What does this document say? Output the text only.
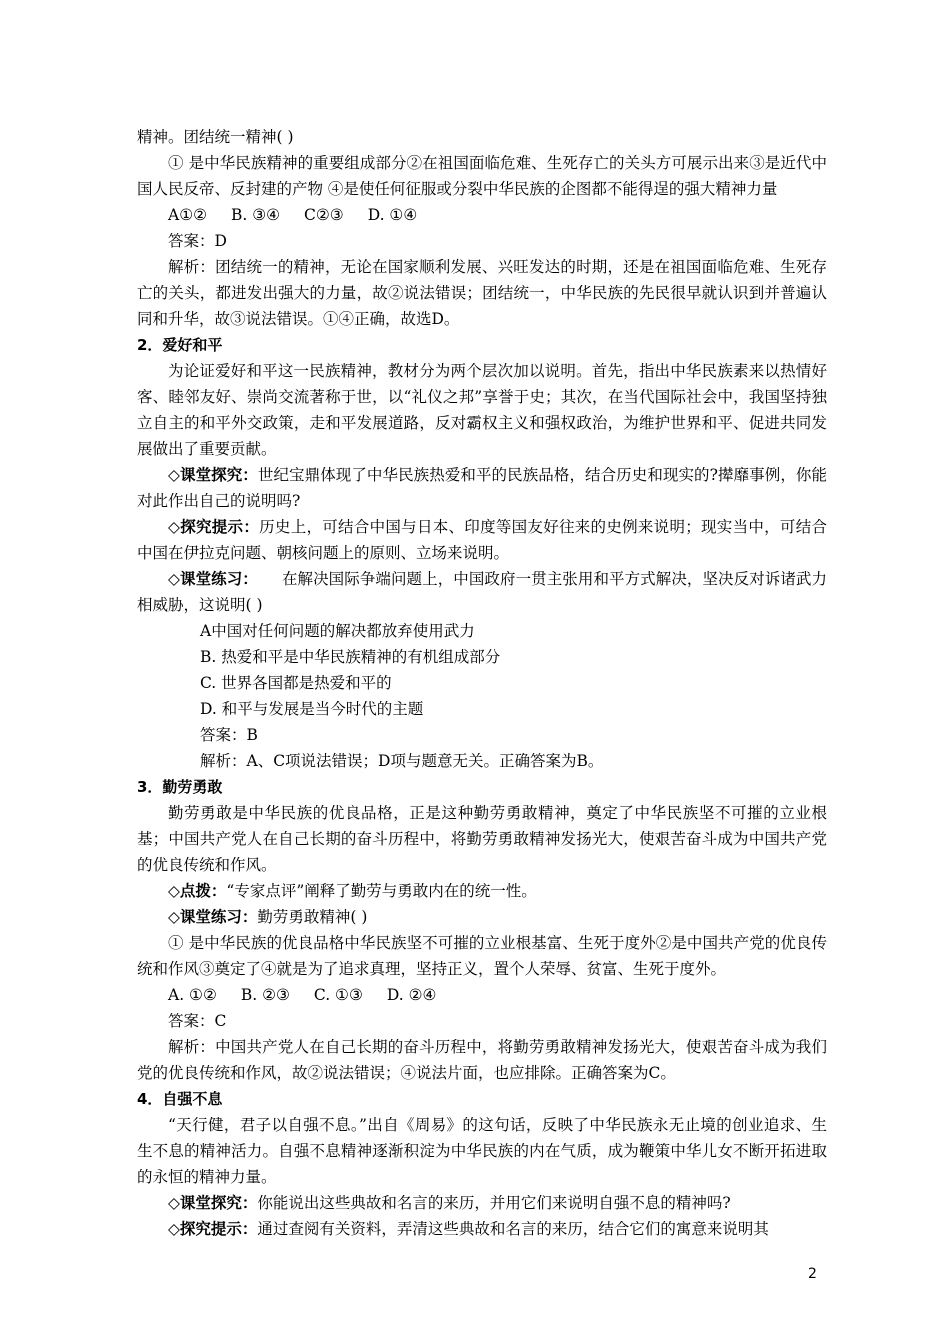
精神。团结统一精神( )

① 是中华民族精神的重要组成部分②在祖国面临危难、生死存亡的关头方可展示出来③是近代中国人民反帝、反封建的产物 ④是使任何征服或分裂中华民族的企图都不能得逞的强大精神力量

A①② B. ③④ C②③ D. ①④

答案：D

解析：团结统一的精神，无论在国家顺利发展、兴旺发达的时期，还是在祖国面临危难、生死存亡的关头，都进发出强大的力量，故②说法错误；团结统一，中华民族的先民很早就认识到并普遍认同和升华，故③说法错误。①④正确，故选D。

2．爱好和平

为论证爱好和平这一民族精神，教材分为两个层次加以说明。首先，指出中华民族素来以热情好客、睦邻友好、崇尚交流著称于世，以“礼仪之邦”享誉于史；其次，在当代国际社会中，我国坚持独立自主的和平外交政策，走和平发展道路，反对霸权主义和强权政治，为维护世界和平、促进共同发展做出了重要贡献。

◇课堂探究：世纪宝鼎体现了中华民族热爱和平的民族品格，结合历史和现实的?撵靡事例，你能对此作出自己的说明吗?

◇探究提示：历史上，可结合中国与日本、印度等国友好往来的史例来说明；现实当中，可结合中国在伊拉克问题、朝核问题上的原则、立场来说明。

◇课堂练习： 在解决国际争端问题上，中国政府一贯主张用和平方式解决，坚决反对诉诸武力相威胁，这说明( )

A中国对任何问题的解决都放弃使用武力

B. 热爱和平是中华民族精神的有机组成部分

C. 世界各国都是热爱和平的

D. 和平与发展是当今时代的主题

答案：B

解析：A、C项说法错误；D项与题意无关。正确答案为B。

3．勤劳勇敢

勤劳勇敢是中华民族的优良品格，正是这种勤劳勇敢精神，奠定了中华民族坚不可摧的立业根基；中国共产党人在自己长期的奋斗历程中，将勤劳勇敢精神发扬光大，使艰苦奋斗成为中国共产党的优良传统和作风。

◇点拨：“专家点评”阐释了勤劳与勇敢内在的统一性。

◇课堂练习：勤劳勇敢精神( )

① 是中华民族的优良品格中华民族坚不可摧的立业根基富、生死于度外②是中国共产党的优良传统和作风③奠定了④就是为了追求真理，坚持正义，置个人荣辱、贫富、生死于度外。

A. ①② B. ②③ C. ①③ D. ②④

答案：C

解析：中国共产党人在自己长期的奋斗历程中，将勤劳勇敢精神发扬光大，使艰苦奋斗成为我们党的优良传统和作风，故②说法错误；④说法片面，也应排除。正确答案为C。

4．自强不息

“天行健，君子以自强不息。”出自《周易》的这句话，反映了中华民族永无止境的创业追求、生生不息的精神活力。自强不息精神逐渐积淀为中华民族的内在气质，成为鞭策中华儿女不断开拓进取的永恒的精神力量。

◇课堂探究：你能说出这些典故和名言的来历，并用它们来说明自强不息的精神吗?

◇探究提示：通过查阅有关资料，弄清这些典故和名言的来历，结合它们的寓意来说明其

2
